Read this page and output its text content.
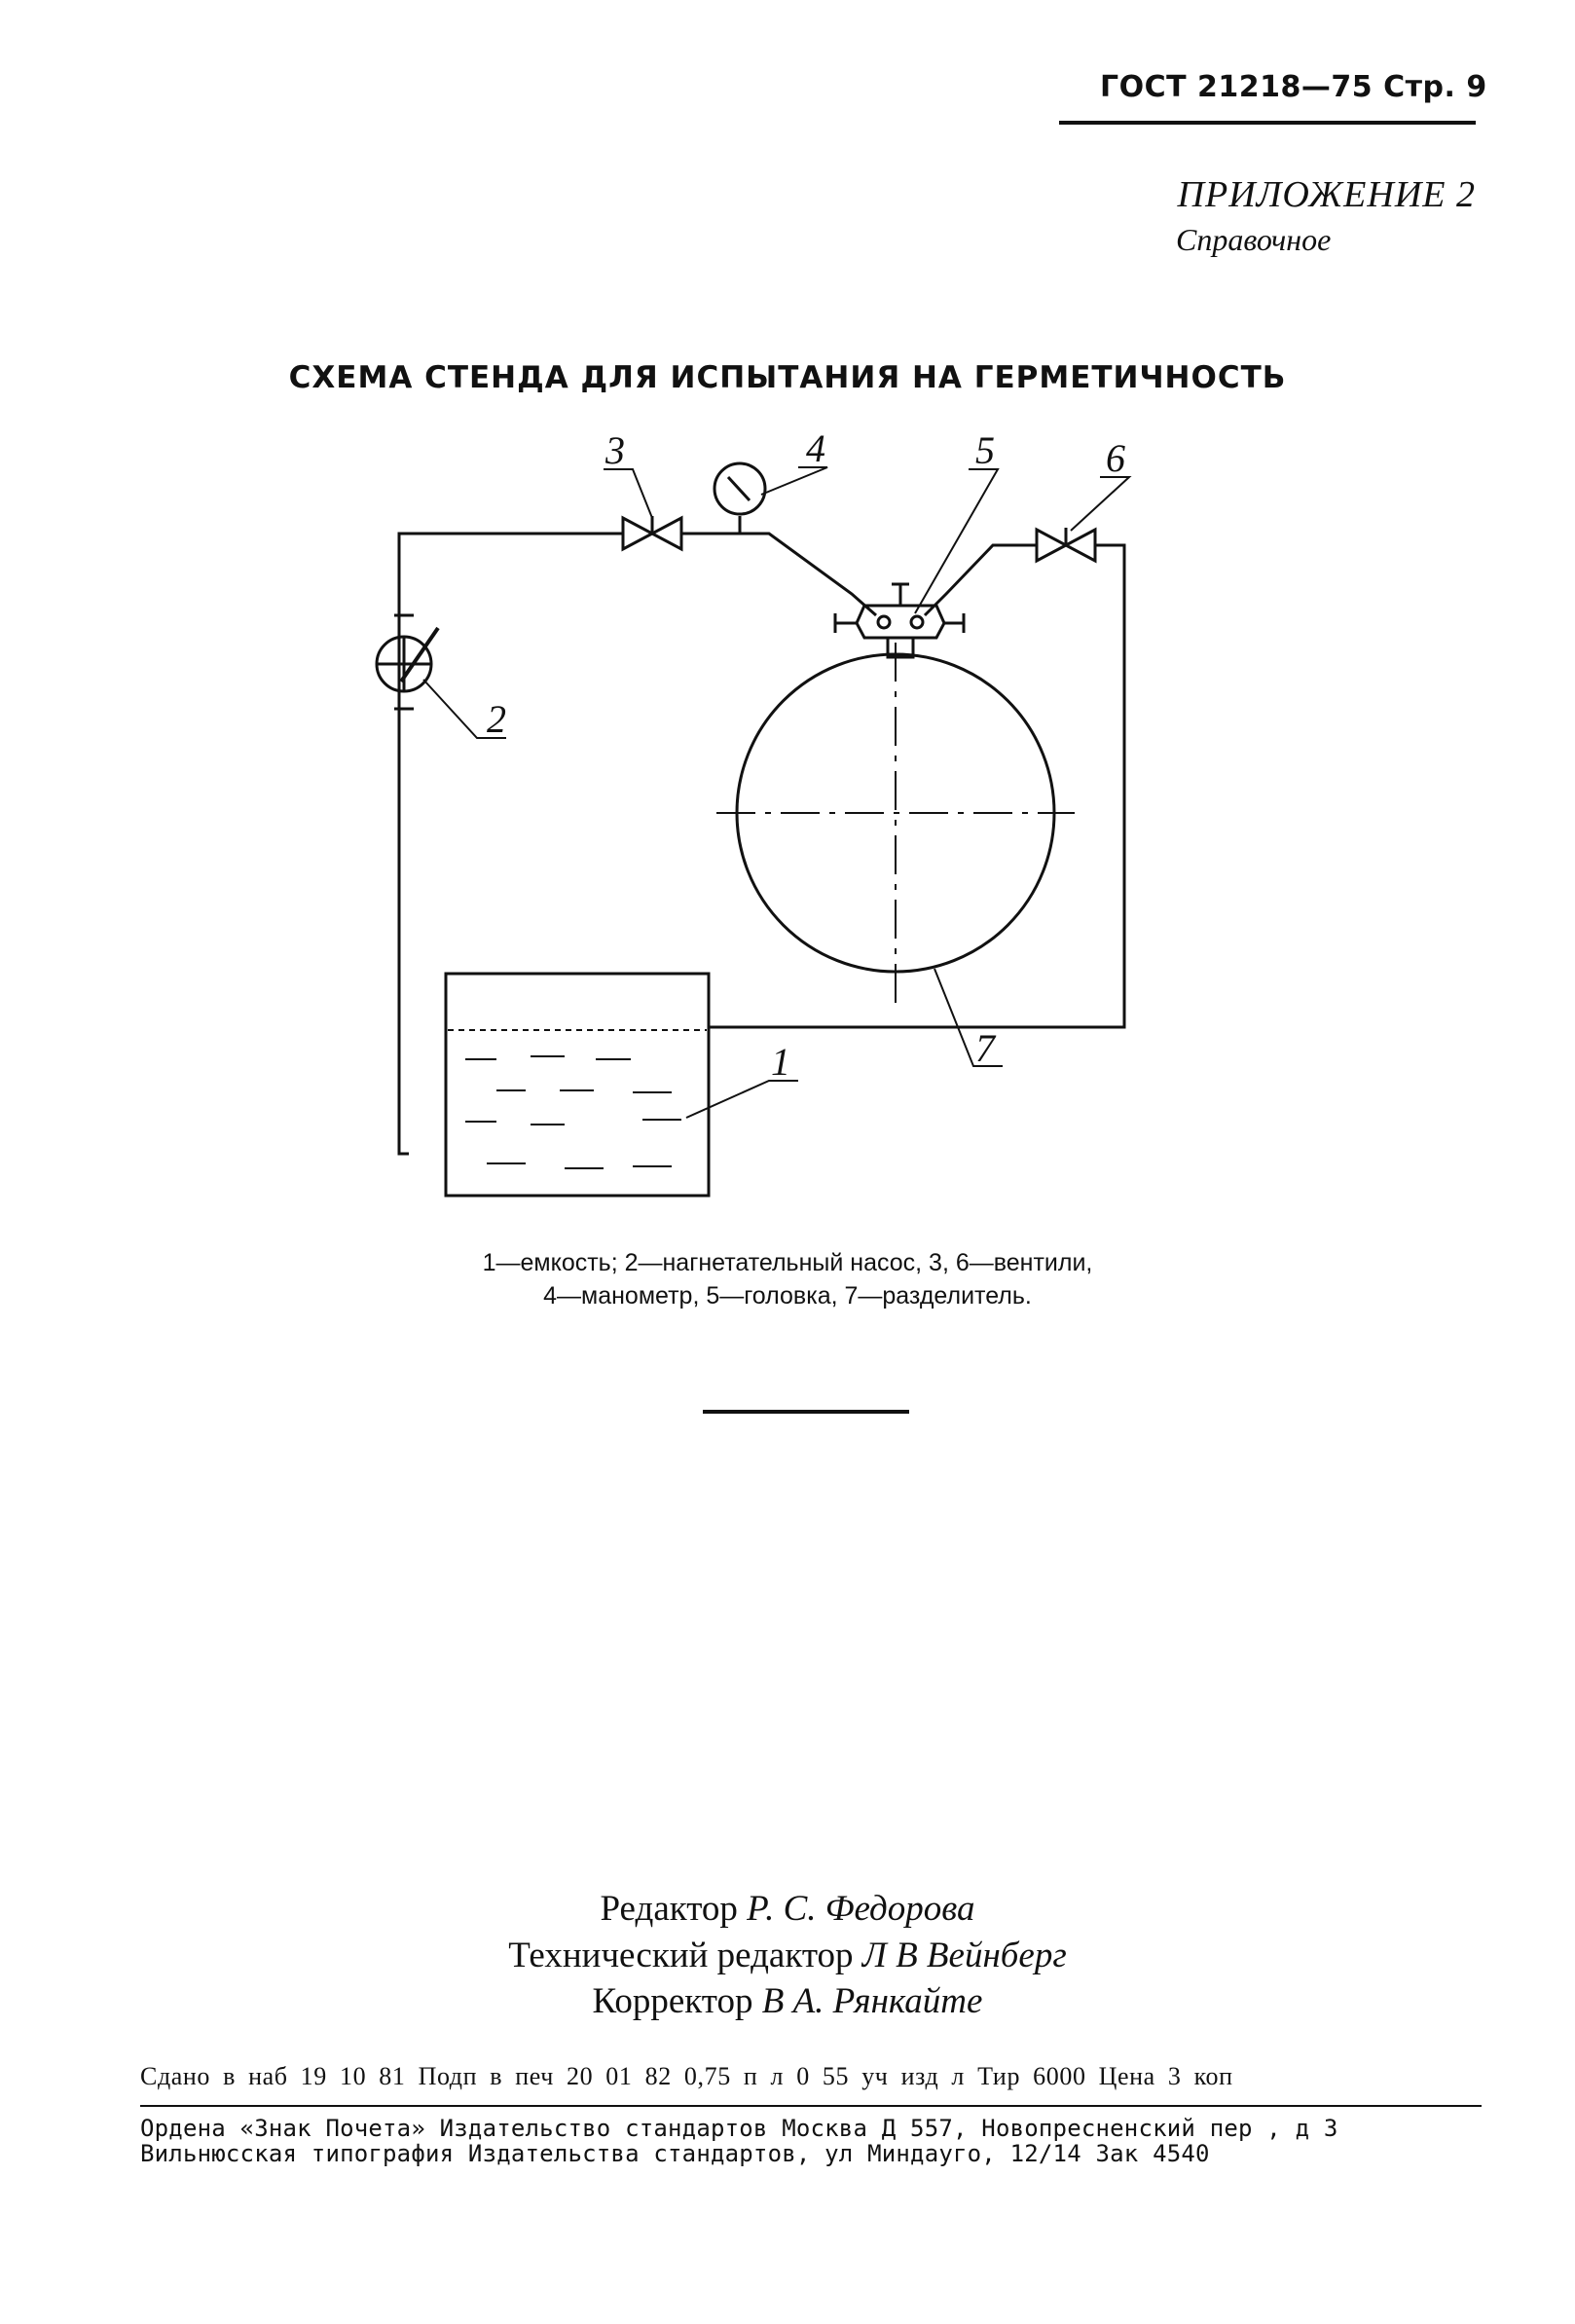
ГОСТ 21218—75 Стр. 9
ПРИЛОЖЕНИЕ 2
Справочное
СХЕМА СТЕНДА ДЛЯ ИСПЫТАНИЯ НА ГЕРМЕТИЧНОСТЬ
3	4	5	6
2
7
1
1—емкость; 2—нагнетательный насос, 3, 6—вентили,
4—манометр, 5—головка, 7—разделитель.
Редактор Р. С. Федорова
Технический редактор Л В Вейнберг
Корректор В А. Рянкайте
Сдано в наб 19 10 81 Подп в печ 20 01 82 0,75 п л 0 55 уч изд л Тир 6000 Цена 3 коп
Ордена «Знак Почета» Издательство стандартов Москва Д 557, Новопресненский пер , д 3
Вильнюсская типография Издательства стандартов, ул Миндауго, 12/14 Зак 4540
